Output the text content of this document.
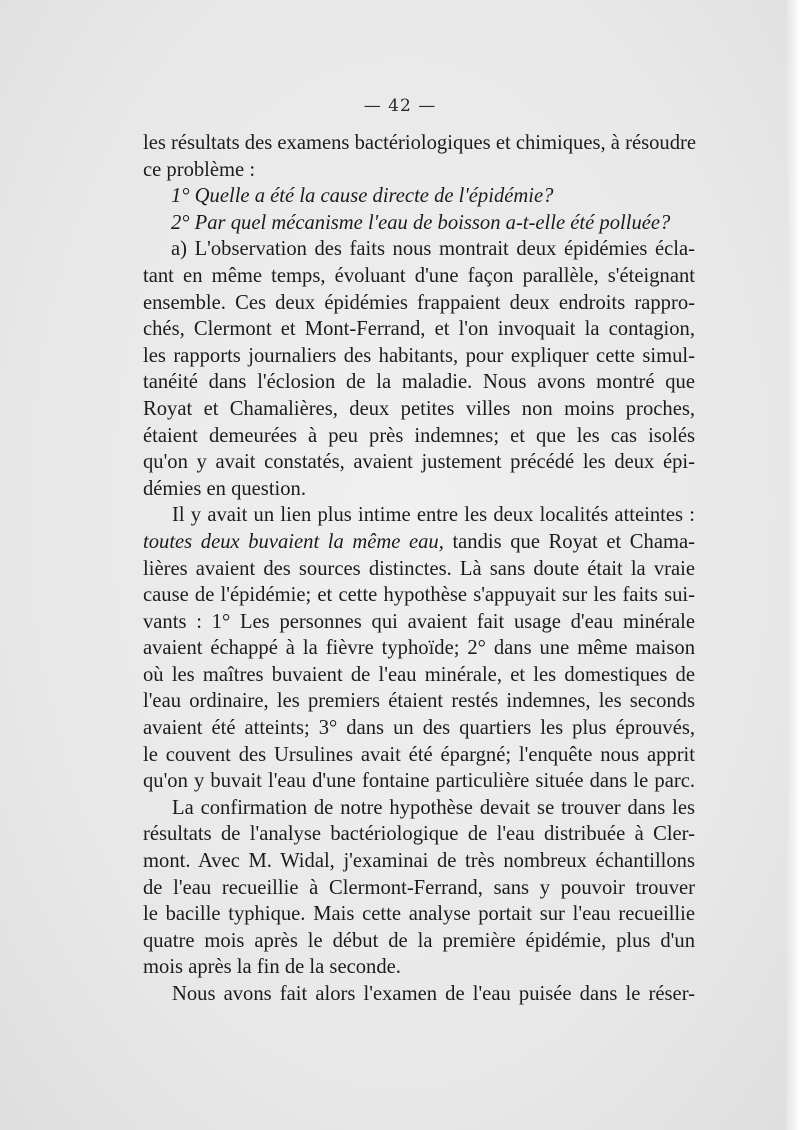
— 42 —
les résultats des examens bactériologiques et chimiques, à résoudre
ce problème :
1° Quelle a été la cause directe de l'épidémie?
2° Par quel mécanisme l'eau de boisson a-t-elle été polluée?
a) L'observation des faits nous montrait deux épidémies écla-
tant en même temps, évoluant d'une façon parallèle, s'éteignant
ensemble. Ces deux épidémies frappaient deux endroits rappro-
chés, Clermont et Mont-Ferrand, et l'on invoquait la contagion,
les rapports journaliers des habitants, pour expliquer cette simul-
tanéité dans l'éclosion de la maladie. Nous avons montré que
Royat et Chamalières, deux petites villes non moins proches,
étaient demeurées à peu près indemnes; et que les cas isolés
qu'on y avait constatés, avaient justement précédé les deux épi-
démies en question.
Il y avait un lien plus intime entre les deux localités atteintes :
toutes deux buvaient la même eau, tandis que Royat et Chama-
lières avaient des sources distinctes. Là sans doute était la vraie
cause de l'épidémie; et cette hypothèse s'appuyait sur les faits sui-
vants : 1° Les personnes qui avaient fait usage d'eau minérale
avaient échappé à la fièvre typhoïde; 2° dans une même maison
où les maîtres buvaient de l'eau minérale, et les domestiques de
l'eau ordinaire, les premiers étaient restés indemnes, les seconds
avaient été atteints; 3° dans un des quartiers les plus éprouvés,
le couvent des Ursulines avait été épargné; l'enquête nous apprit
qu'on y buvait l'eau d'une fontaine particulière située dans le parc.
La confirmation de notre hypothèse devait se trouver dans les
résultats de l'analyse bactériologique de l'eau distribuée à Cler-
mont. Avec M. Widal, j'examinai de très nombreux échantillons
de l'eau recueillie à Clermont-Ferrand, sans y pouvoir trouver
le bacille typhique. Mais cette analyse portait sur l'eau recueillie
quatre mois après le début de la première épidémie, plus d'un
mois après la fin de la seconde.
Nous avons fait alors l'examen de l'eau puisée dans le réser-
